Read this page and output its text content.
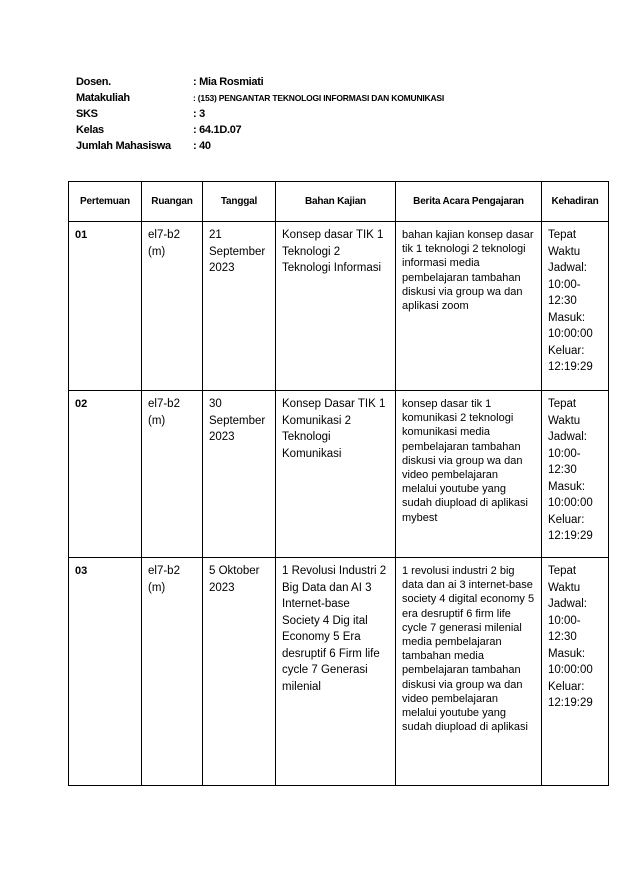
Dosen.	: Mia Rosmiati
Matakuliah	: (153) PENGANTAR TEKNOLOGI INFORMASI DAN KOMUNIKASI
SKS	: 3
Kelas	: 64.1D.07
Jumlah Mahasiswa	: 40
Pertemuan	Ruangan	Tanggal	Bahan Kajian	Berita Acara Pengajaran	Kehadiran
01	el7-b2 (m)	21 September 2023	Konsep dasar TIK 1 Teknologi 2 Teknologi Informasi	bahan kajian konsep dasar tik 1 teknologi 2 teknologi informasi media pembelajaran tambahan diskusi via group wa dan aplikasi zoom	Tepat Waktu Jadwal: 10:00-12:30 Masuk: 10:00:00 Keluar: 12:19:29
02	el7-b2 (m)	30 September 2023	Konsep Dasar TIK 1 Komunikasi 2 Teknologi Komunikasi	konsep dasar tik 1 komunikasi 2 teknologi komunikasi media pembelajaran tambahan diskusi via group wa dan video pembelajaran melalui youtube yang sudah diupload di aplikasi mybest	Tepat Waktu Jadwal: 10:00-12:30 Masuk: 10:00:00 Keluar: 12:19:29
03	el7-b2 (m)	5 Oktober 2023	1 Revolusi Industri 2 Big Data dan AI 3 Internet-base Society 4 Dig ital Economy 5 Era desruptif 6 Firm life cycle 7 Generasi milenial	1 revolusi industri 2 big data dan ai 3 internet-base society 4 digital economy 5 era desruptif 6 firm life cycle 7 generasi milenial media pembelajaran tambahan media pembelajaran tambahan diskusi via group wa dan video pembelajaran melalui youtube yang sudah diupload di aplikasi	Tepat Waktu Jadwal: 10:00-12:30 Masuk: 10:00:00 Keluar: 12:19:29
